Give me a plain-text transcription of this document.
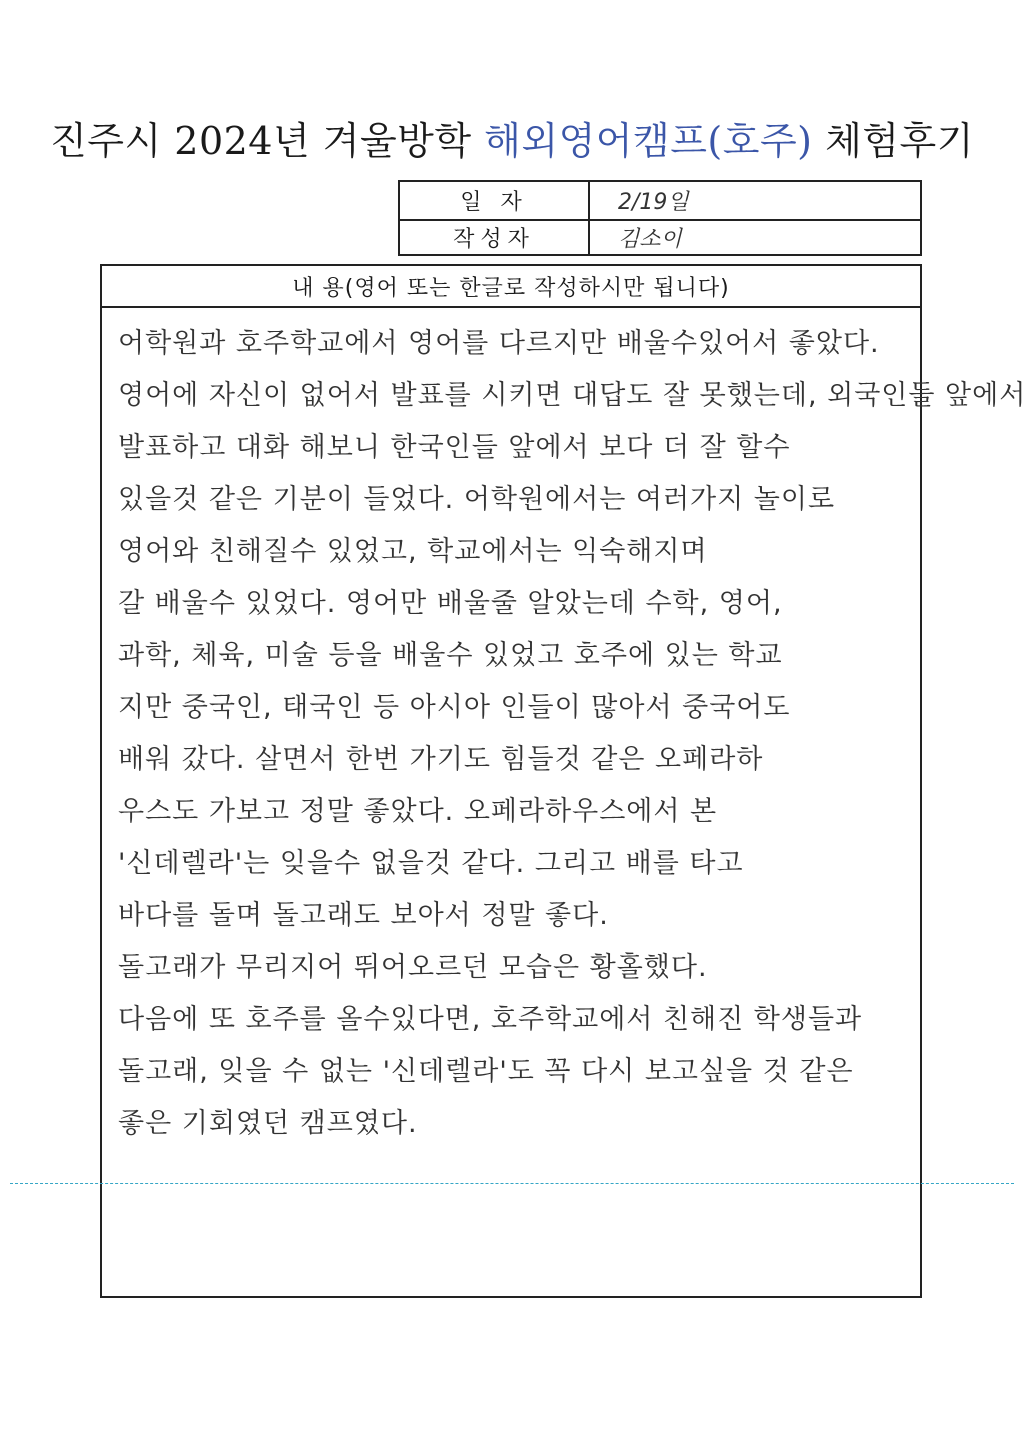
진주시 2024년 겨울방학 해외영어캠프(호주) 체험후기
일 자	2/19일
작성자	김소이
내 용(영어 또는 한글로 작성하시만 됩니다)
어학원과 호주학교에서 영어를 다르지만 배울수있어서 좋았다.
영어에 자신이 없어서 발표를 시키면 대답도 잘 못했는데, 외국인들 앞에서
발표하고 대화 해보니 한국인들 앞에서 보다 더 잘 할수
있을것 같은 기분이 들었다. 어학원에서는 여러가지 놀이로
영어와 친해질수 있었고, 학교에서는 익숙해지며
갈 배울수 있었다. 영어만 배울줄 알았는데 수학, 영어,
과학, 체육, 미술 등을 배울수 있었고 호주에 있는 학교
지만 중국인, 태국인 등 아시아 인들이 많아서 중국어도
배워 갔다. 살면서 한번 가기도 힘들것 같은 오페라하
우스도 가보고 정말 좋았다. 오페라하우스에서 본
'신데렐라'는 잊을수 없을것 같다. 그리고 배를 타고
바다를 돌며 돌고래도 보아서 정말 좋다.
돌고래가 무리지어 뛰어오르던 모습은 황홀했다.
다음에 또 호주를 올수있다면, 호주학교에서 친해진 학생들과
돌고래, 잊을 수 없는 '신데렐라'도 꼭 다시 보고싶을 것 같은
좋은 기회였던 캠프였다.
